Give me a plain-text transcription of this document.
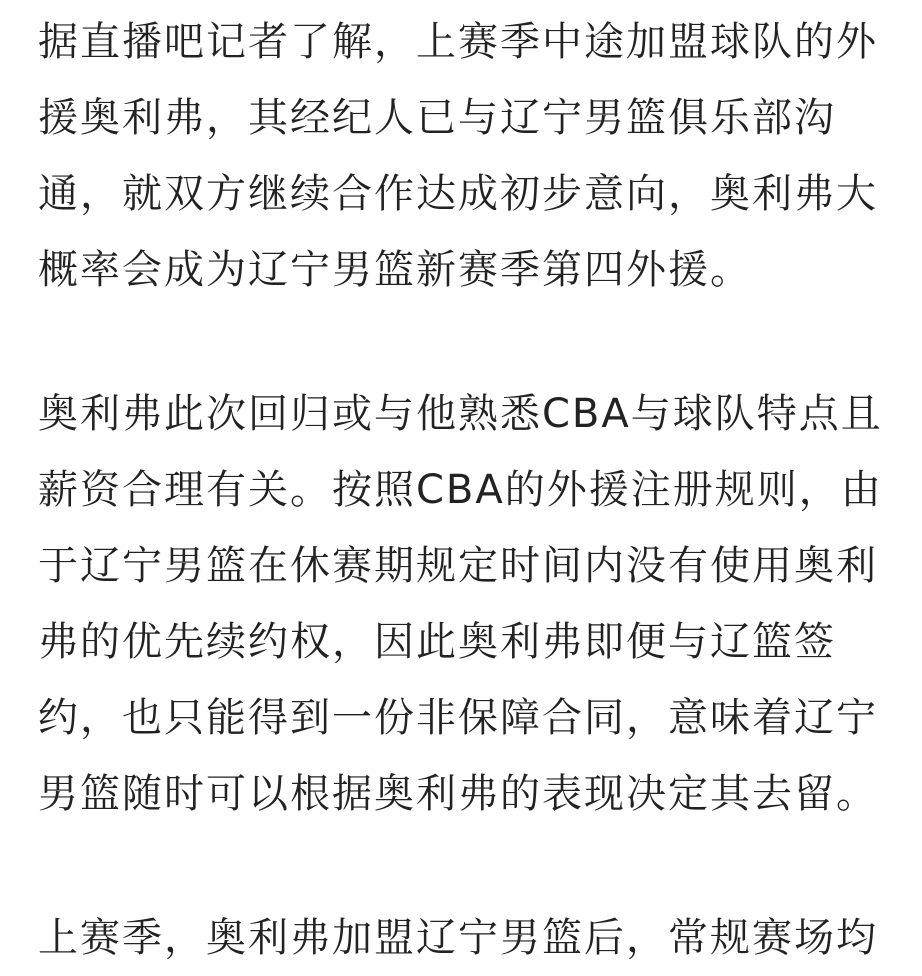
据直播吧记者了解，上赛季中途加盟球队的外
援奥利弗，其经纪人已与辽宁男篮俱乐部沟
通，就双方继续合作达成初步意向，奥利弗大
概率会成为辽宁男篮新赛季第四外援。
奥利弗此次回归或与他熟悉CBA与球队特点且
薪资合理有关。按照CBA的外援注册规则，由
于辽宁男篮在休赛期规定时间内没有使用奥利
弗的优先续约权，因此奥利弗即便与辽篮签
约，也只能得到一份非保障合同，意味着辽宁
男篮随时可以根据奥利弗的表现决定其去留。
上赛季，奥利弗加盟辽宁男篮后，常规赛场均
